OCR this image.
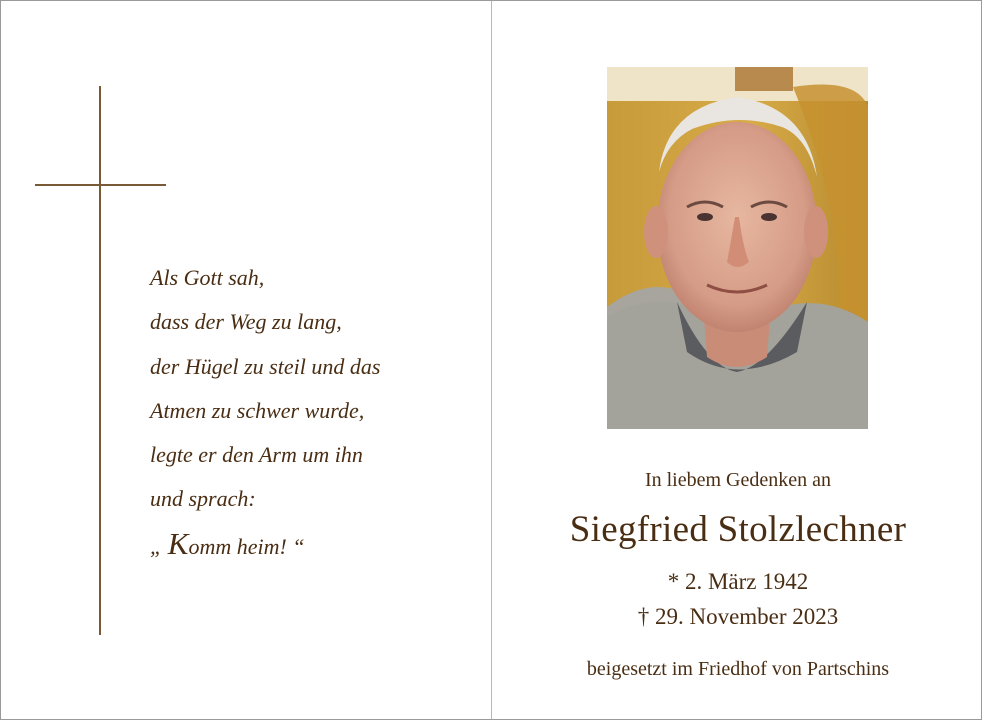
Als Gott sah,
dass der Weg zu lang,
der Hügel zu steil und das
Atmen zu schwer wurde,
legte er den Arm um ihn
und sprach:
„ Komm heim! “
In liebem Gedenken an
Siegfried Stolzlechner
* 2. März 1942
† 29. November 2023
beigesetzt im Friedhof von Partschins
